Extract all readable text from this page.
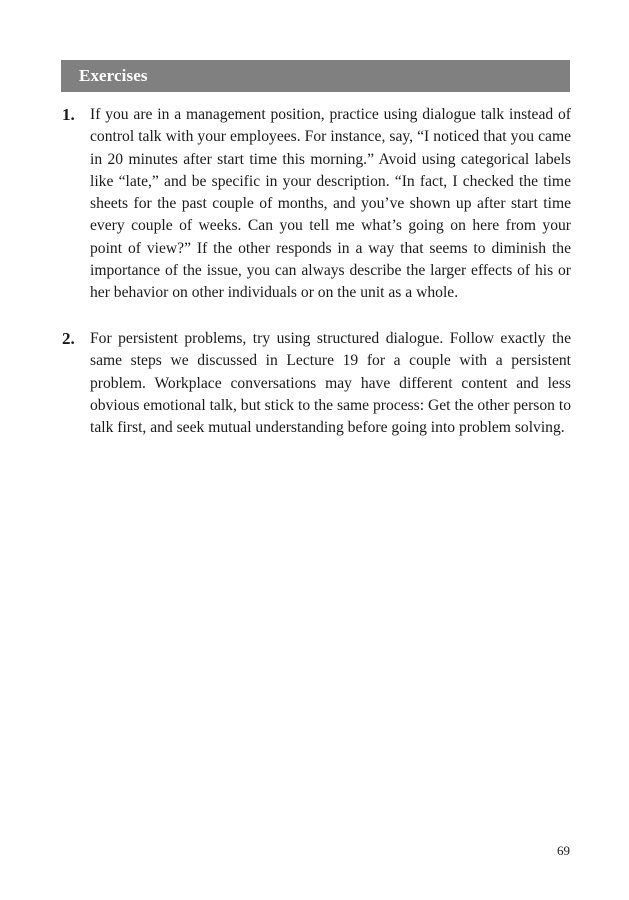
Exercises
1. If you are in a management position, practice using dialogue talk instead of control talk with your employees. For instance, say, “I noticed that you came in 20 minutes after start time this morning.” Avoid using categorical labels like “late,” and be specific in your description. “In fact, I checked the time sheets for the past couple of months, and you’ve shown up after start time every couple of weeks. Can you tell me what’s going on here from your point of view?” If the other responds in a way that seems to diminish the importance of the issue, you can always describe the larger effects of his or her behavior on other individuals or on the unit as a whole.

2. For persistent problems, try using structured dialogue. Follow exactly the same steps we discussed in Lecture 19 for a couple with a persistent problem. Workplace conversations may have different content and less obvious emotional talk, but stick to the same process: Get the other person to talk first, and seek mutual understanding before going into problem solving.

69
